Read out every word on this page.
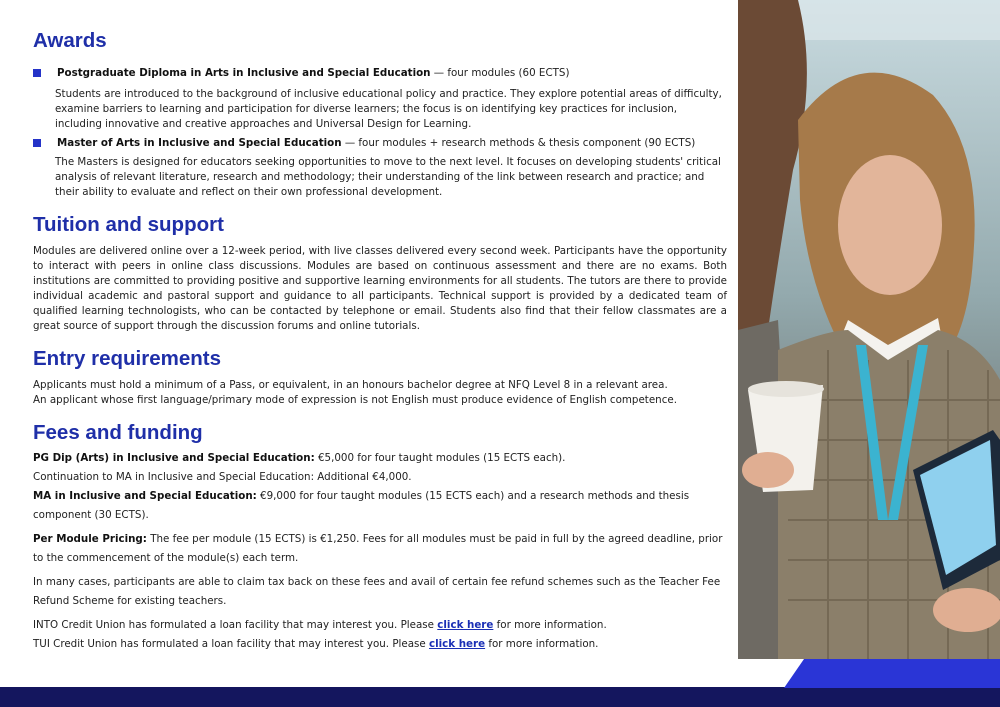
Awards
Postgraduate Diploma in Arts in Inclusive and Special Education — four modules (60 ECTS)

Students are introduced to the background of inclusive educational policy and practice. They explore potential areas of difficulty, examine barriers to learning and participation for diverse learners; the focus is on identifying key practices for inclusion, including innovative and creative approaches and Universal Design for Learning.

Master of Arts in Inclusive and Special Education — four modules + research methods & thesis component (90 ECTS)

The Masters is designed for educators seeking opportunities to move to the next level. It focuses on developing students' critical analysis of relevant literature, research and methodology; their understanding of the link between research and practice; and their ability to evaluate and reflect on their own professional development.

Tuition and support

Modules are delivered online over a 12-week period, with live classes delivered every second week. Participants have the opportunity to interact with peers in online class discussions. Modules are based on continuous assessment and there are no exams. Both institutions are committed to providing positive and supportive learning environments for all students. The tutors are there to provide individual academic and pastoral support and guidance to all participants. Technical support is provided by a dedicated team of qualified learning technologists, who can be contacted by telephone or email. Students also find that their fellow classmates are a great source of support through the discussion forums and online tutorials.

Entry requirements

Applicants must hold a minimum of a Pass, or equivalent, in an honours bachelor degree at NFQ Level 8 in a relevant area.

An applicant whose first language/primary mode of expression is not English must produce evidence of English competence.

Fees and funding

PG Dip (Arts) in Inclusive and Special Education: €5,000 for four taught modules (15 ECTS each).

Continuation to MA in Inclusive and Special Education: Additional €4,000.

MA in Inclusive and Special Education: €9,000 for four taught modules (15 ECTS each) and a research methods and thesis component (30 ECTS).

Per Module Pricing: The fee per module (15 ECTS) is €1,250. Fees for all modules must be paid in full by the agreed deadline, prior to the commencement of the module(s) each term.

In many cases, participants are able to claim tax back on these fees and avail of certain fee refund schemes such as the Teacher Fee Refund Scheme for existing teachers.

INTO Credit Union has formulated a loan facility that may interest you. Please click here for more information.

TUI Credit Union has formulated a loan facility that may interest you. Please click here for more information.
